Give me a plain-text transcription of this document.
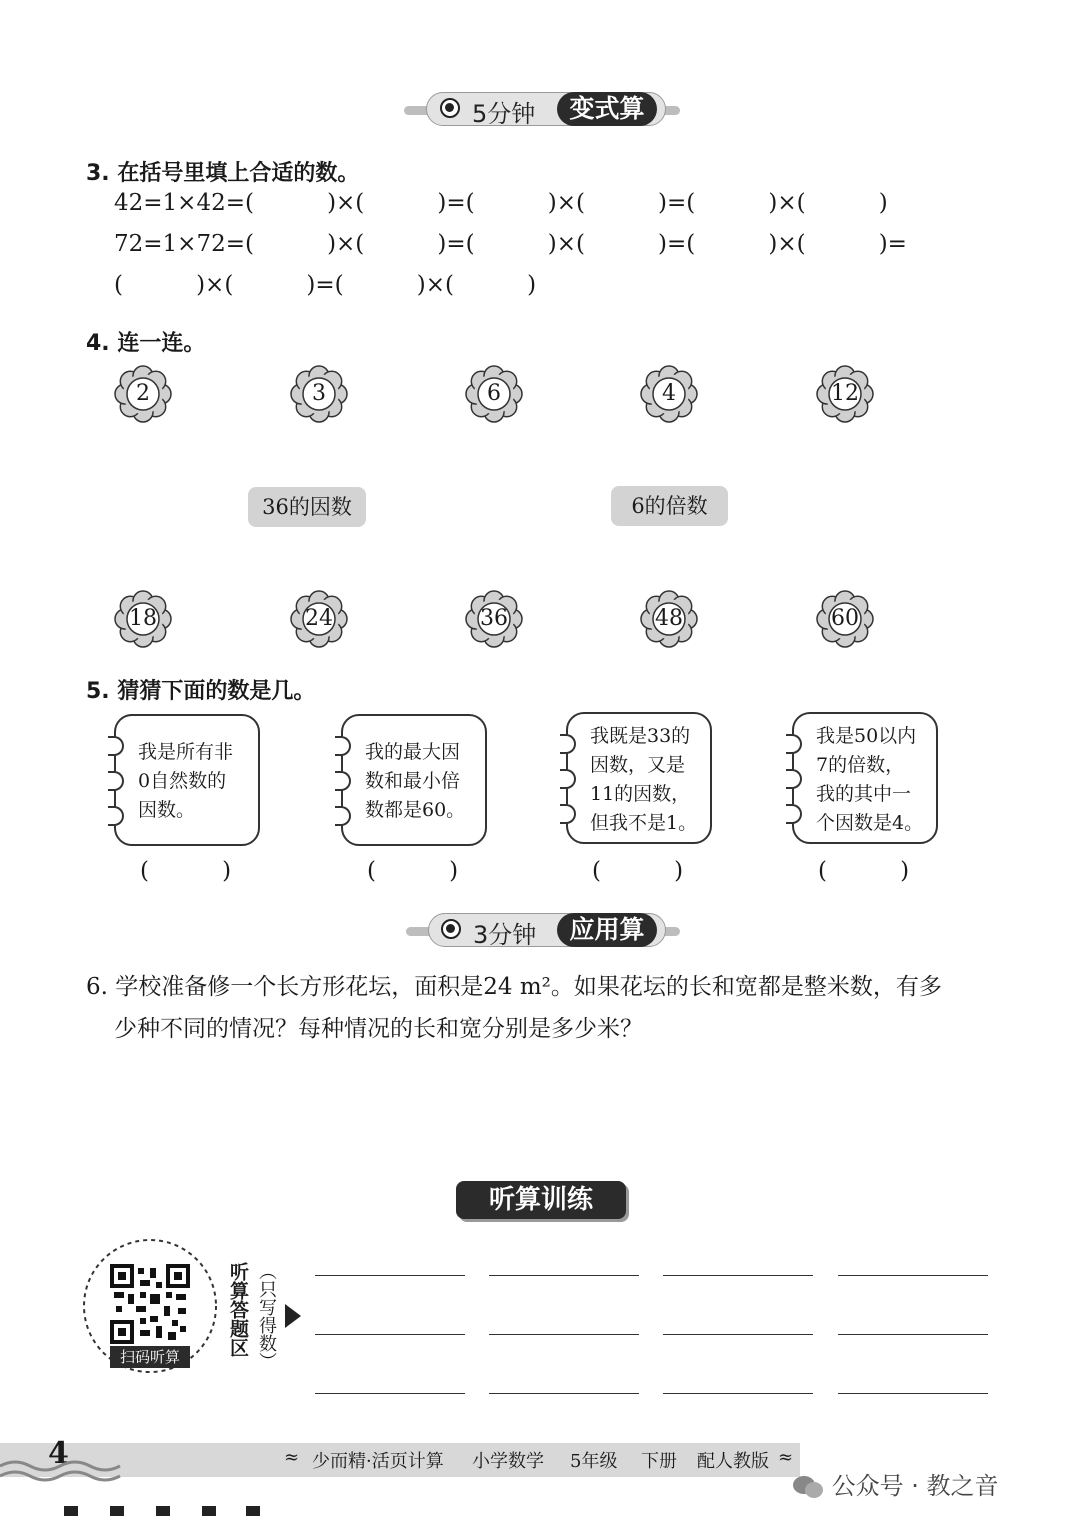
5分钟	变式算
3. 在括号里填上合适的数。
42=1×42=(          )×(          )=(          )×(          )=(          )×(          )
72=1×72=(          )×(          )=(          )×(          )=(          )×(          )=
(          )×(          )=(          )×(          )
4. 连一连。
2	3	6	4	12
36的因数	6的倍数
18	24	36	48	60
5. 猜猜下面的数是几。
我是所有非
0自然数的
因数。
我的最大因
数和最小倍
数都是60。
我既是33的
因数，又是
11的因数，
但我不是1。
我是50以内
7的倍数，
我的其中一
个因数是4。
(          )	(          )	(          )	(          )
3分钟	应用算
6. 学校准备修一个长方形花坛，面积是24 m²。如果花坛的长和宽都是整米数，有多
少种不同的情况？每种情况的长和宽分别是多少米？
听算训练
扫码听算	听算答题区 （只写得数）
4	≈ 少而精·活页计算 小学数学 5年级 下册 配人教版 ≈
公众号 · 教之音
